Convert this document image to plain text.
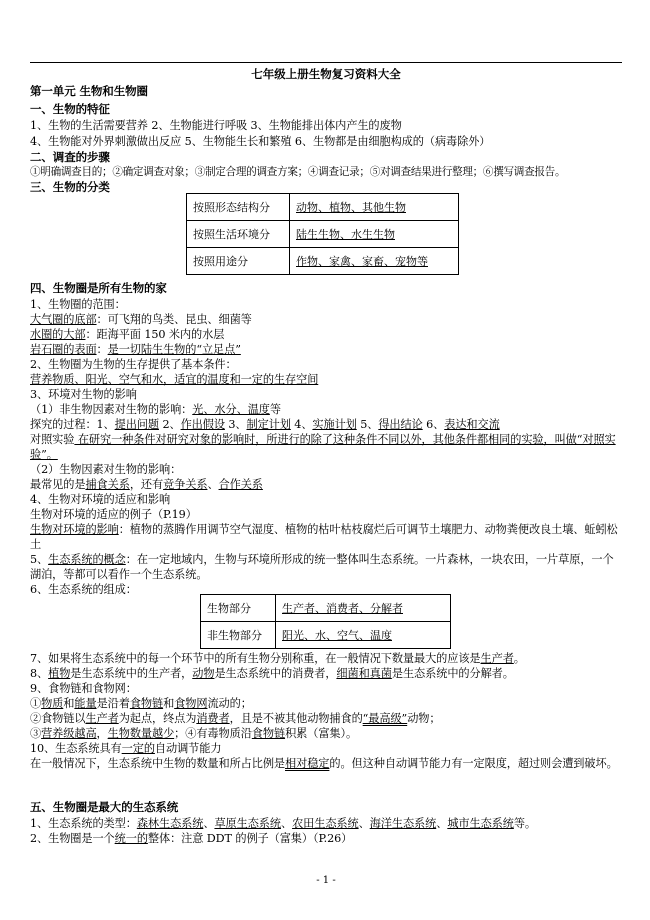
七年级上册生物复习资料大全
第一单元 生物和生物圈
一、生物的特征
1、生物的生活需要营养 2、生物能进行呼吸 3、生物能排出体内产生的废物
4、生物能对外界刺激做出反应 5、生物能生长和繁殖 6、生物都是由细胞构成的（病毒除外）
二、调查的步骤
①明确调查目的；②确定调查对象；③制定合理的调查方案；④调查记录；⑤对调查结果进行整理；⑥撰写调查报告。
三、生物的分类
按照形态结构分	动物、植物、其他生物
按照生活环境分	陆生生物、水生生物
按照用途分	作物、家禽、家畜、宠物等
四、生物圈是所有生物的家
1、生物圈的范围：
大气圈的底部：可飞翔的鸟类、昆虫、细菌等
水圈的大部：距海平面 150 米内的水层
岩石圈的表面：是一切陆生生物的“立足点”
2、生物圈为生物的生存提供了基本条件：
营养物质、阳光、空气和水，适宜的温度和一定的生存空间
3、环境对生物的影响
（1）非生物因素对生物的影响：光、水分、温度等
探究的过程：1、提出问题 2、作出假设 3、制定计划 4、实施计划 5、得出结论 6、表达和交流
对照实验 在研究一种条件对研究对象的影响时，所进行的除了这种条件不同以外，其他条件都相同的实验，叫做“对照实验”。
（2）生物因素对生物的影响：
最常见的是捕食关系，还有竞争关系、合作关系
4、生物对环境的适应和影响
生物对环境的适应的例子（P.19）
生物对环境的影响：植物的蒸腾作用调节空气湿度、植物的枯叶枯枝腐烂后可调节土壤肥力、动物粪便改良土壤、蚯蚓松土
5、生态系统的概念：在一定地域内，生物与环境所形成的统一整体叫生态系统。一片森林，一块农田，一片草原，一个湖泊，等都可以看作一个生态系统。
6、生态系统的组成：
生物部分	生产者、消费者、分解者
非生物部分	阳光、水、空气、温度
7、如果将生态系统中的每一个环节中的所有生物分别称重，在一般情况下数量最大的应该是生产者。
8、植物是生态系统中的生产者，动物是生态系统中的消费者，细菌和真菌是生态系统中的分解者。
9、食物链和食物网：
①物质和能量是沿着食物链和食物网流动的；
②食物链以生产者为起点，终点为消费者，且是不被其他动物捕食的“最高级”动物；
③营养级越高，生物数量越少；④有毒物质沿食物链积累（富集）。
10、生态系统具有一定的自动调节能力
在一般情况下，生态系统中生物的数量和所占比例是相对稳定的。但这种自动调节能力有一定限度，超过则会遭到破坏。
五、生物圈是最大的生态系统
1、生态系统的类型：森林生态系统、草原生态系统、农田生态系统、海洋生态系统、城市生态系统等。
2、生物圈是一个统一的整体：注意 DDT 的例子（富集）（P.26）
- 1 -
